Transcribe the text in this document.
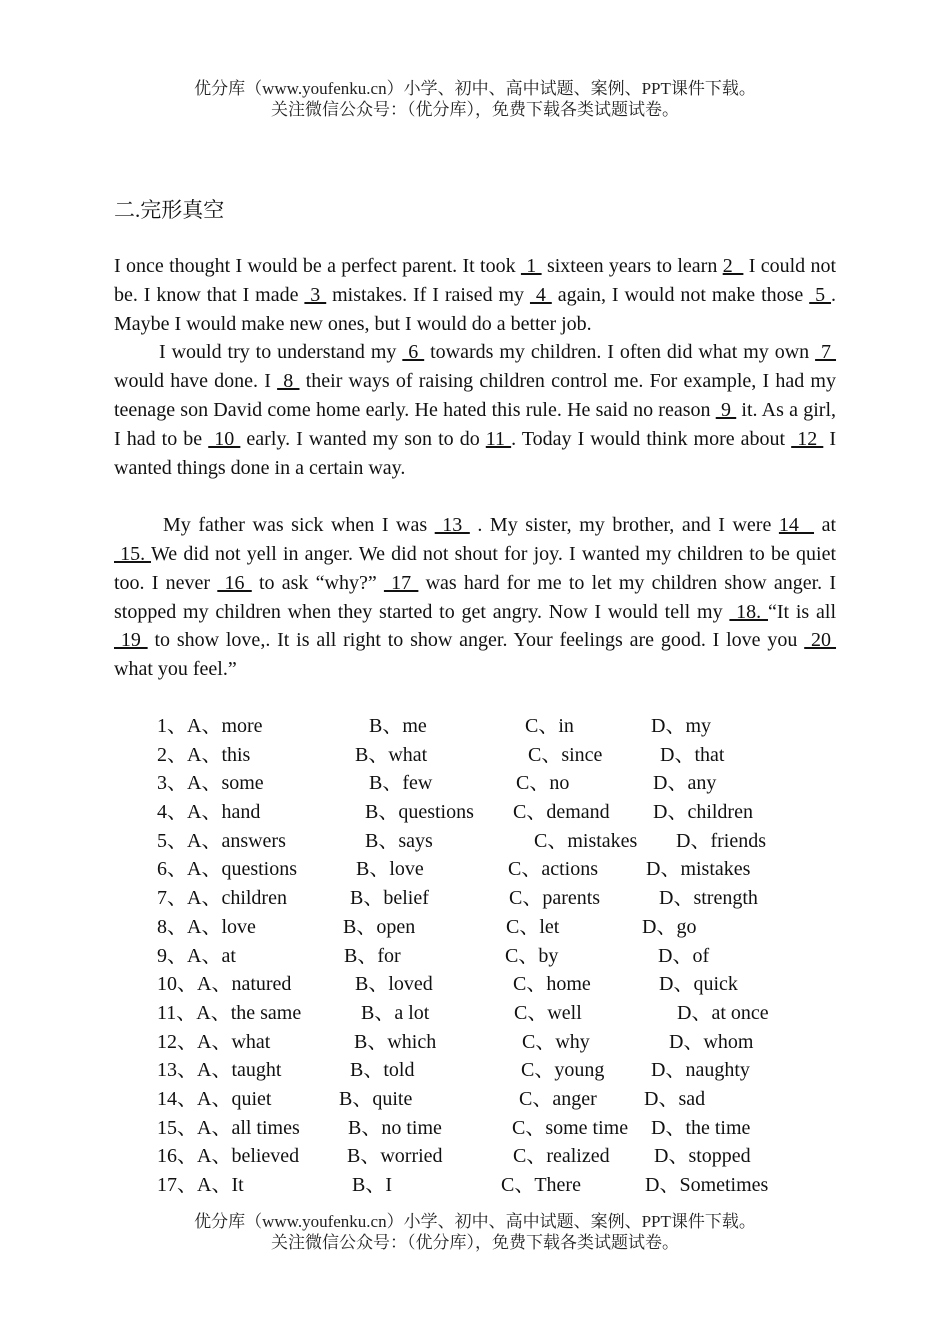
优分库（www.youfenku.cn）小学、初中、高中试题、案例、PPT课件下载。
关注微信公众号：（优分库），免费下载各类试题试卷。
二.完形真空

I once thought I would be a perfect parent. It took  1  sixteen years to learn 2   I could not be. I know that I made  3  mistakes. If I raised my  4  again, I would not make those  5 . Maybe I would make new ones, but I would do a better job.

I would try to understand my  6  towards my children. I often did what my own  7  would have done. I  8  their ways of raising children control me. For example, I had my teenage son David come home early. He hated this rule. He said no reason  9  it. As a girl, I had to be  10  early. I wanted my son to do 11 . Today I would think more about  12  I wanted things done in a certain way.

My father was sick when I was  13  . My sister, my brother, and I were 14   at  15. We did not yell in anger. We did not shout for joy. I wanted my children to be quiet too. I never  16  to ask “why?”  17  was hard for me to let my children show anger. I stopped my children when they started to get angry. Now I would tell my  18. “It is all  19  to show love,. It is all right to show anger. Your feelings are good. I love you  20  what you feel.”

1、A、more	B、me	C、in	D、my
2、A、this	B、what	C、since	D、that
3、A、some	B、few	C、no	D、any
4、A、hand	B、questions C、demand D、children
5、A、answers	B、says	C、mistakes D、friends
6、A、questions	B、love	C、actions D、mistakes
7、A、children	B、belief	C、parents	D、strength
8、A、love	B、open	C、let	D、go
9、A、at	B、for	C、by	D、of
10、A、natured	B、loved	C、home	D、quick
11、A、the same	B、a lot	C、well	D、at once
12、A、what	B、which	C、why	D、whom
13、A、taught	B、told	C、young D、naughty
14、A、quiet	B、quite	C、anger D、sad
15、A、all times B、no time	C、some time D、the time
16、A、believed B、worried	C、realized D、stopped
17、A、It	B、I	C、There	D、Sometimes
优分库（www.youfenku.cn）小学、初中、高中试题、案例、PPT课件下载。
关注微信公众号：（优分库），免费下载各类试题试卷。
